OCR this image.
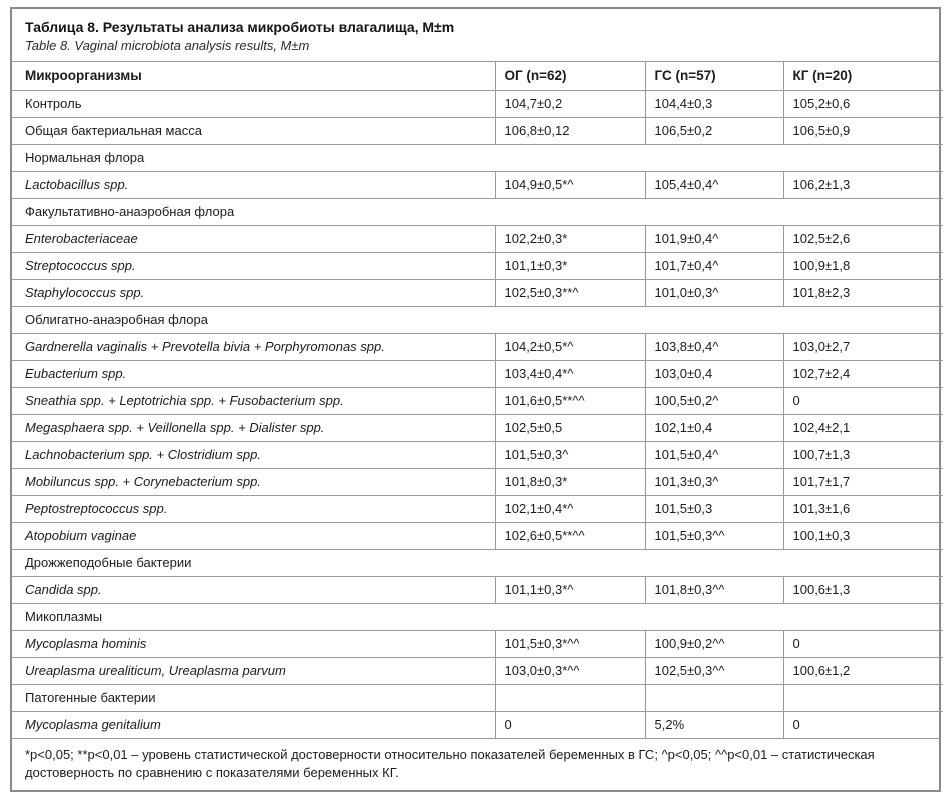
Таблица 8. Результаты анализа микробиоты влагалища, M±m
Table 8. Vaginal microbiota analysis results, M±m
Микроорганизмы	ОГ (n=62)	ГС (n=57)	КГ (n=20)
Контроль	104,7±0,2	104,4±0,3	105,2±0,6
Общая бактериальная масса	106,8±0,12	106,5±0,2	106,5±0,9
Нормальная флора			
Lactobacillus spp.	104,9±0,5*^	105,4±0,4^	106,2±1,3
Факультативно-анаэробная флора			
Enterobacteriaceae	102,2±0,3*	101,9±0,4^	102,5±2,6
Streptococcus spp.	101,1±0,3*	101,7±0,4^	100,9±1,8
Staphylococcus spp.	102,5±0,3**^	101,0±0,3^	101,8±2,3
Облигатно-анаэробная флора			
Gardnerella vaginalis + Prevotella bivia + Porphyromonas spp.	104,2±0,5*^	103,8±0,4^	103,0±2,7
Eubacterium spp.	103,4±0,4*^	103,0±0,4	102,7±2,4
Sneathia spp. + Leptotrichia spp. + Fusobacterium spp.	101,6±0,5**^^	100,5±0,2^	0
Megasphaera spp. + Veillonella spp. + Dialister spp.	102,5±0,5	102,1±0,4	102,4±2,1
Lachnobacterium spp. + Clostridium spp.	101,5±0,3^	101,5±0,4^	100,7±1,3
Mobiluncus spp. + Corynebacterium spp.	101,8±0,3*	101,3±0,3^	101,7±1,7
Peptostreptococcus spp.	102,1±0,4*^	101,5±0,3	101,3±1,6
Atopobium vaginae	102,6±0,5**^^	101,5±0,3^^	100,1±0,3
Дрожжеподобные бактерии			
Candida spp.	101,1±0,3*^	101,8±0,3^^	100,6±1,3
Микоплазмы			
Mycoplasma hominis	101,5±0,3*^^	100,9±0,2^^	0
Ureaplasma urealiticum, Ureaplasma parvum	103,0±0,3*^^	102,5±0,3^^	100,6±1,2
Патогенные бактерии			
Mycoplasma genitalium	0	5,2%	0
*p<0,05; **p<0,01 – уровень статистической достоверности относительно показателей беременных в ГС; ^p<0,05; ^^p<0,01 – статистическая достоверность по сравнению с показателями беременных КГ.
